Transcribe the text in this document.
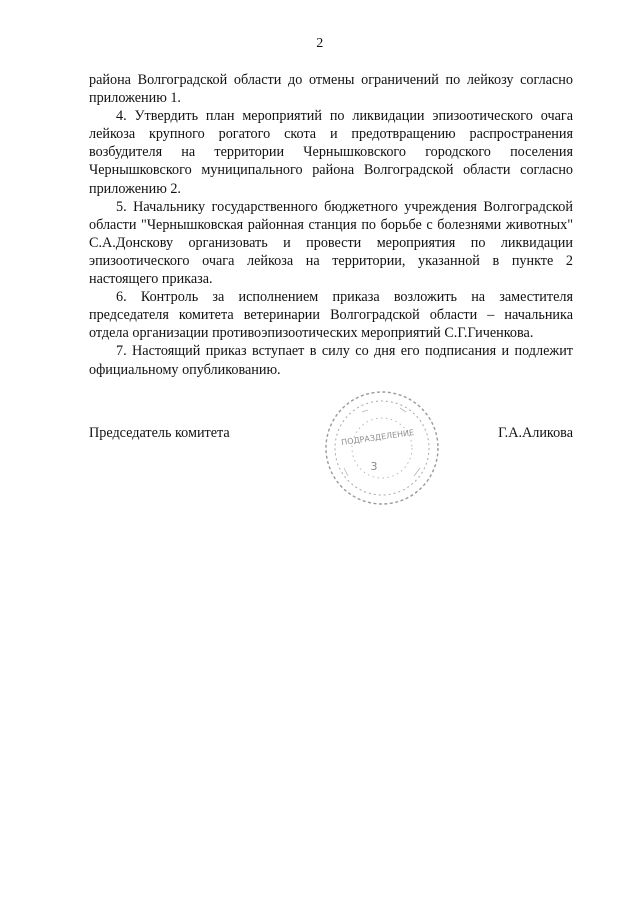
2

района Волгоградской области до отмены ограничений по лейкозу согласно приложению 1.

4. Утвердить план мероприятий по ликвидации эпизоотического очага лейкоза крупного рогатого скота и предотвращению распространения возбудителя на территории Чернышковского городского поселения Чернышковского муниципального района Волгоградской области согласно приложению 2.

5. Начальнику государственного бюджетного учреждения Волгоградской области "Чернышковская районная станция по борьбе с болезнями животных" С.А.Донскову организовать и провести мероприятия по ликвидации эпизоотического очага лейкоза на территории, указанной в пункте 2 настоящего приказа.

6. Контроль за исполнением приказа возложить на заместителя председателя комитета ветеринарии Волгоградской области – начальника отдела организации противоэпизоотических мероприятий С.Г.Гиченкова.

7. Настоящий приказ вступает в силу со дня его подписания и подлежит официальному опубликованию.

Председатель комитета	Г.А.Аликова
ПОДРАЗДЕЛЕНИЕ
3
